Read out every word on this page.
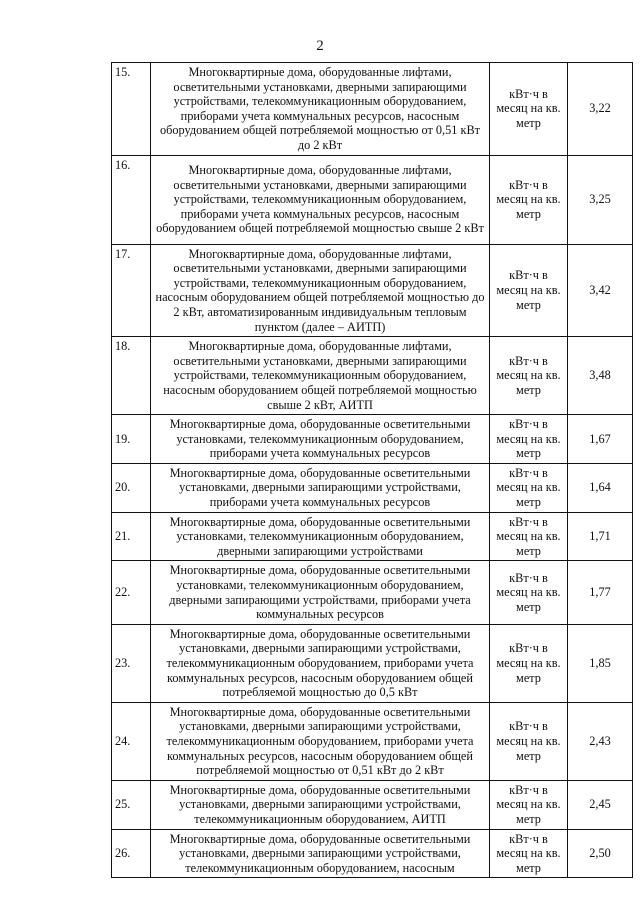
2
15.	Многоквартирные дома, оборудованные лифтами, осветительными установками, дверными запирающими устройствами, телекоммуникационным оборудованием, приборами учета коммунальных ресурсов, насосным оборудованием общей потребляемой мощностью от 0,51 кВт до 2 кВт	кВт·ч в месяц на кв. метр	3,22
16.	Многоквартирные дома, оборудованные лифтами, осветительными установками, дверными запирающими устройствами, телекоммуникационным оборудованием, приборами учета коммунальных ресурсов, насосным оборудованием общей потребляемой мощностью свыше 2 кВт	кВт·ч в месяц на кв. метр	3,25
17.	Многоквартирные дома, оборудованные лифтами, осветительными установками, дверными запирающими устройствами, телекоммуникационным оборудованием, насосным оборудованием общей потребляемой мощностью до 2 кВт, автоматизированным индивидуальным тепловым пунктом (далее – АИТП)	кВт·ч в месяц на кв. метр	3,42
18.	Многоквартирные дома, оборудованные лифтами, осветительными установками, дверными запирающими устройствами, телекоммуникационным оборудованием, насосным оборудованием общей потребляемой мощностью свыше 2 кВт, АИТП	кВт·ч в месяц на кв. метр	3,48
19.	Многоквартирные дома, оборудованные осветительными установками, телекоммуникационным оборудованием, приборами учета коммунальных ресурсов	кВт·ч в месяц на кв. метр	1,67
20.	Многоквартирные дома, оборудованные осветительными установками, дверными запирающими устройствами, приборами учета коммунальных ресурсов	кВт·ч в месяц на кв. метр	1,64
21.	Многоквартирные дома, оборудованные осветительными установками, телекоммуникационным оборудованием, дверными запирающими устройствами	кВт·ч в месяц на кв. метр	1,71
22.	Многоквартирные дома, оборудованные осветительными установками, телекоммуникационным оборудованием, дверными запирающими устройствами, приборами учета коммунальных ресурсов	кВт·ч в месяц на кв. метр	1,77
23.	Многоквартирные дома, оборудованные осветительными установками, дверными запирающими устройствами, телекоммуникационным оборудованием, приборами учета коммунальных ресурсов, насосным оборудованием общей потребляемой мощностью до 0,5 кВт	кВт·ч в месяц на кв. метр	1,85
24.	Многоквартирные дома, оборудованные осветительными установками, дверными запирающими устройствами, телекоммуникационным оборудованием, приборами учета коммунальных ресурсов, насосным оборудованием общей потребляемой мощностью от 0,51 кВт до 2 кВт	кВт·ч в месяц на кв. метр	2,43
25.	Многоквартирные дома, оборудованные осветительными установками, дверными запирающими устройствами, телекоммуникационным оборудованием, АИТП	кВт·ч в месяц на кв. метр	2,45
26.	Многоквартирные дома, оборудованные осветительными установками, дверными запирающими устройствами, телекоммуникационным оборудованием, насосным	кВт·ч в месяц на кв. метр	2,50
